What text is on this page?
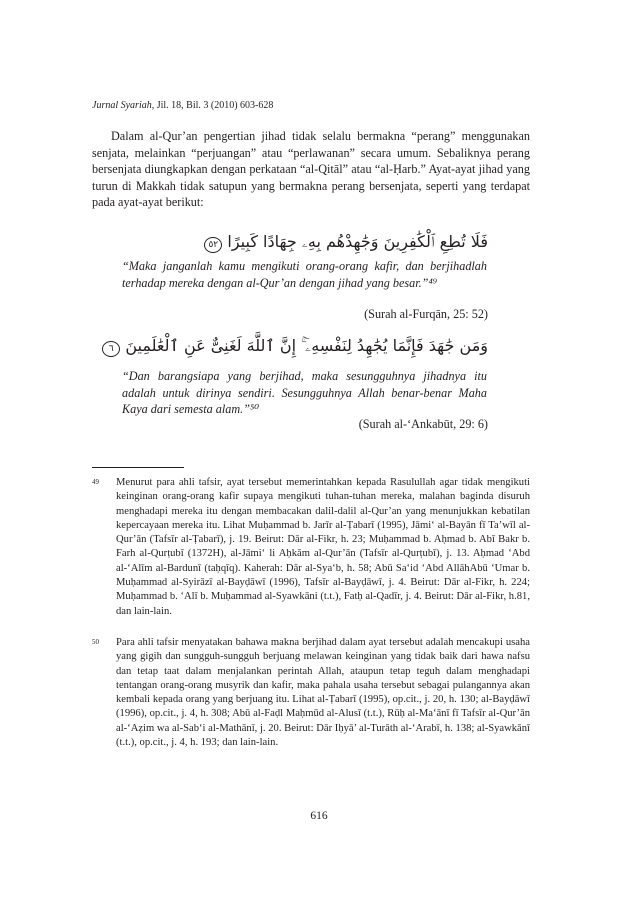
Jurnal Syariah, Jil. 18, Bil. 3 (2010) 603-628

Dalam al-Qur’an pengertian jihad tidak selalu bermakna “perang” menggunakan senjata, melainkan “perjuangan” atau “perlawanan” secara umum. Sebaliknya perang bersenjata diungkapkan dengan perkataan “al-Qitāl” atau “al-Ḥarb.” Ayat-ayat jihad yang turun di Makkah tidak satupun yang bermakna perang bersenjata, seperti yang terdapat pada ayat-ayat berikut:

فَلَا تُطِعِ ٱلْكَٰفِرِينَ وَجَٰهِدْهُم بِهِۦ جِهَادًا كَبِيرًا ٥٢

“Maka janganlah kamu mengikuti orang-orang kafir, dan berjihadlah terhadap mereka dengan al-Qur’an dengan jihad yang besar.”⁴⁹

(Surah al-Furqān, 25: 52)
وَمَن جَٰهَدَ فَإِنَّمَا يُجَٰهِدُ لِنَفْسِهِۦٓ ۚ إِنَّ ٱللَّهَ لَغَنِىٌّ عَنِ ٱلْعَٰلَمِينَ ٦

“Dan barangsiapa yang berjihad, maka sesungguhnya jihadnya itu adalah untuk dirinya sendiri. Sesungguhnya Allah benar-benar Maha Kaya dari semesta alam.”⁵⁰

(Surah al-‘Ankabūt, 29: 6)
49 Menurut para ahli tafsir, ayat tersebut memerintahkan kepada Rasulullah agar tidak mengikuti keinginan orang-orang kafir supaya mengikuti tuhan-tuhan mereka, malahan baginda disuruh menghadapi mereka itu dengan membacakan dalil-dalil al-Qur’an yang menunjukkan kebatilan kepercayaan mereka itu. Lihat Muḥammad b. Jarīr al-Ṭabarī (1995), Jāmi‘ al-Bayān fī Ta’wīl al-Qur’ān (Tafsīr al-Ṭabarī), j. 19. Beirut: Dār al-Fikr, h. 23; Muḥammad b. Aḥmad b. Abī Bakr b. Farh al-Qurṭubī (1372H), al-Jāmi‘ li Aḥkām al-Qur’ān (Tafsīr al-Qurṭubī), j. 13. Aḥmad ‘Abd al-‘Alīm al-Bardunī (taḥqīq). Kaherah: Dār al-Sya‘b, h. 58; Abū Sa‘id ‘Abd AllāhAbū ‘Umar b. Muḥammad al-Syirāzī al-Bayḍāwī (1996), Tafsīr al-Bayḍāwī, j. 4. Beirut: Dār al-Fikr, h. 224; Muḥammad b. ‘Alī b. Muḥammad al-Syawkāni (t.t.), Fatḥ al-Qadīr, j. 4. Beirut: Dār al-Fikr, h.81, dan lain-lain.

50 Para ahli tafsir menyatakan bahawa makna berjihad dalam ayat tersebut adalah mencakupi usaha yang gigih dan sungguh-sungguh berjuang melawan keinginan yang tidak baik dari hawa nafsu dan tetap taat dalam menjalankan perintah Allah, ataupun tetap teguh dalam menghadapi tentangan orang-orang musyrik dan kafir, maka pahala usaha tersebut sebagai pulangannya akan kembali kepada orang yang berjuang itu. Lihat al-Ṭabarī (1995), op.cit., j. 20, h. 130; al-Bayḍāwī (1996), op.cit., j. 4, h. 308; Abū al-Faḍl Maḥmūd al-Alusī (t.t.), Rūḥ al-Ma‘ānī fī Tafsīr al-Qur’ān al-‘Aẓim wa al-Sab‘i al-Mathānī, j. 20. Beirut: Dār Iḥyā’ al-Turāth al-‘Arabī, h. 138; al-Syawkānī (t.t.), op.cit., j. 4, h. 193; dan lain-lain.

616
